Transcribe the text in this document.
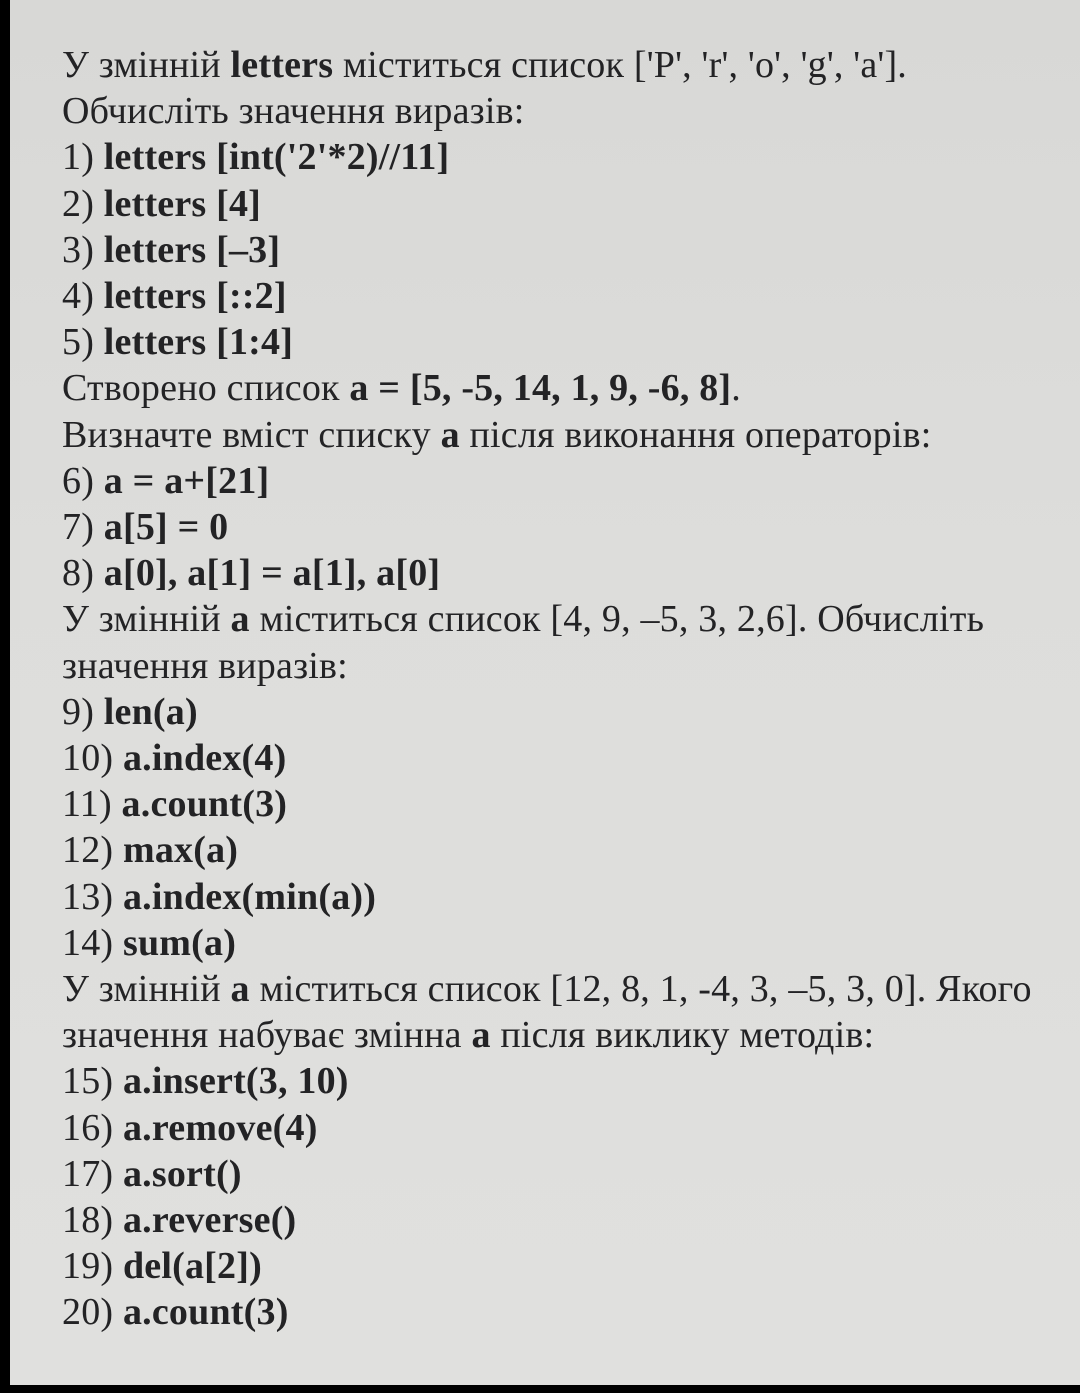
У змінній letters міститься список ['P', 'r', 'o', 'g', 'a'].

Обчисліть значення виразів:

1) letters [int('2'*2)//11]

2) letters [4]

3) letters [–3]

4) letters [::2]

5) letters [1:4]

Створено список a = [5, -5, 14, 1, 9, -6, 8].

Визначте вміст списку a після виконання операторів:

6) a = a+[21]

7) a[5] = 0

8) a[0], a[1] = a[1], a[0]

У змінній a міститься список [4, 9, –5, 3, 2,6]. Обчисліть

значення виразів:

9) len(a)

10) a.index(4)

11) a.count(3)

12) max(a)

13) a.index(min(a))

14) sum(a)

У змінній a міститься список [12, 8, 1, -4, 3, –5, 3, 0]. Якого

значення набуває змінна a після виклику методів:

15) a.insert(3, 10)

16) a.remove(4)

17) a.sort()

18) a.reverse()

19) del(a[2])

20) a.count(3)
